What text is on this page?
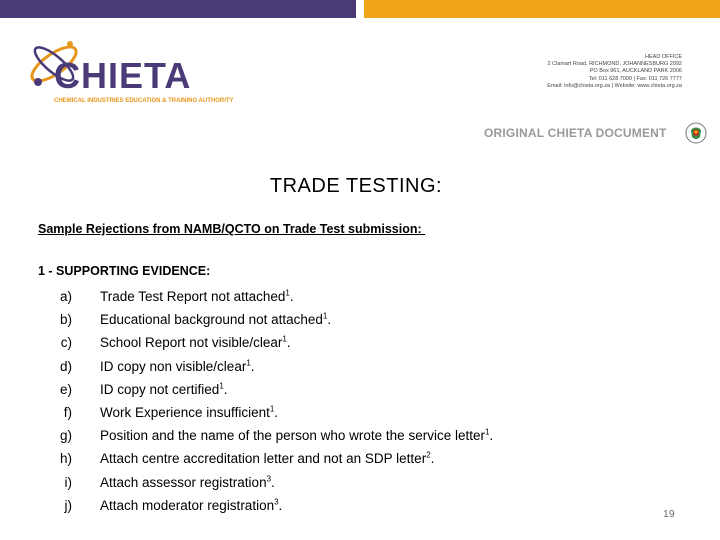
CHIETA
CHEMICAL INDUSTRIES EDUCATION & TRAINING AUTHORITY
HEAD OFFICE
2 Clamart Road, RICHMOND, JOHANNESBURG 2092
PO Box 961, AUCKLAND PARK 2006
Tel: 011 628 7000 | Fax: 011 726 7777
Email: info@chieta.org.za | Website: www.chieta.org.za
ORIGINAL CHIETA DOCUMENT
TRADE TESTING:
Sample Rejections from NAMB/QCTO on Trade Test submission:
1 - SUPPORTING EVIDENCE:
a) Trade Test Report not attached$^1$.
b) Educational background not attached$^1$.
c) School Report not visible/clear$^1$.
d) ID copy non visible/clear$^1$.
e) ID copy not certified$^1$.
f) Work Experience insufficient$^1$.
g) Position and the name of the person who wrote the service letter$^1$.
h) Attach centre accreditation letter and not an SDP letter$^2$.
i) Attach assessor registration$^3$.
j) Attach moderator registration$^3$.
19
